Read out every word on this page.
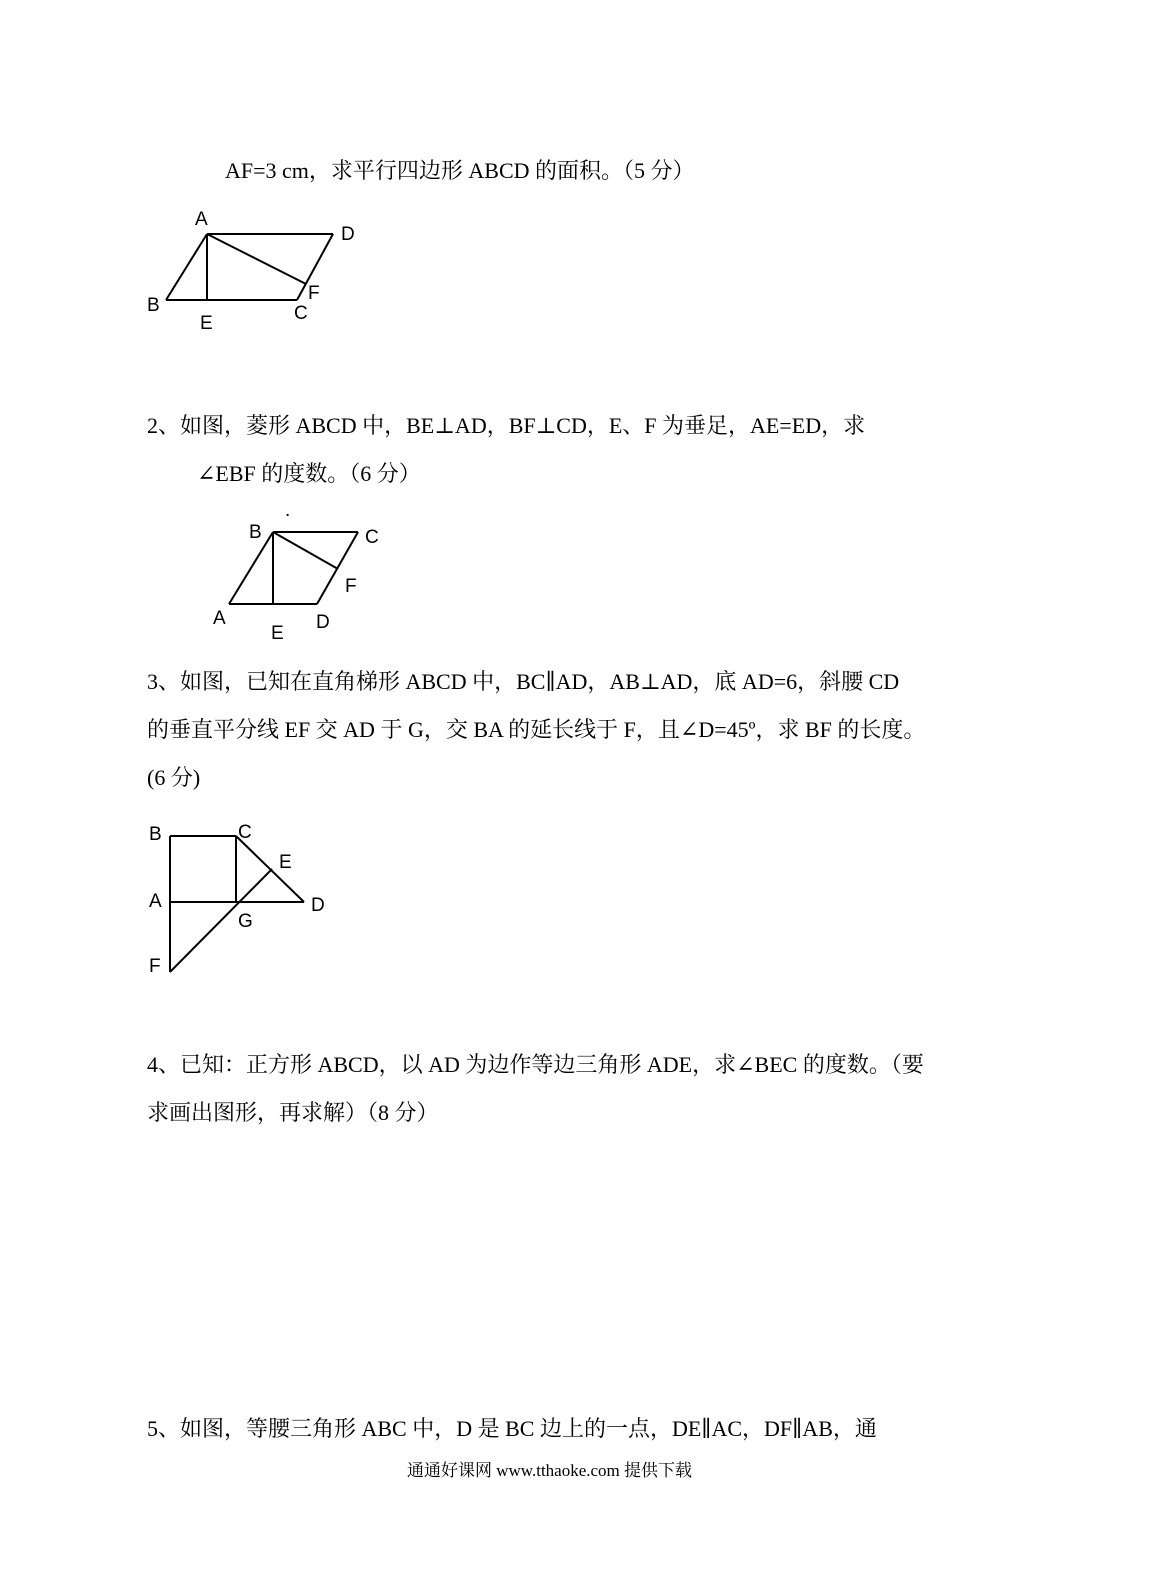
AF=3 cm，求平行四边形 ABCD 的面积。（5 分）
A
D
B
F
E	C
2、如图，菱形 ABCD 中，BE⊥AD，BF⊥CD，E、F 为垂足，AE=ED，求
∠EBF 的度数。（6 分）
.
B	C
F
A	D
E
3、如图，已知在直角梯形 ABCD 中，BC∥AD，AB⊥AD，底 AD=6，斜腰 CD
的垂直平分线 EF 交 AD 于 G，交 BA 的延长线于 F，且∠D=45º，求 BF 的长度。
(6 分)
B	C
E
A	D
G
F
4、已知：正方形 ABCD，以 AD 为边作等边三角形 ADE，求∠BEC 的度数。（要
求画出图形，再求解）（8 分）
5、如图，等腰三角形 ABC 中，D 是 BC 边上的一点，DE∥AC，DF∥AB，通
通通好课网 www.tthaoke.com 提供下载
